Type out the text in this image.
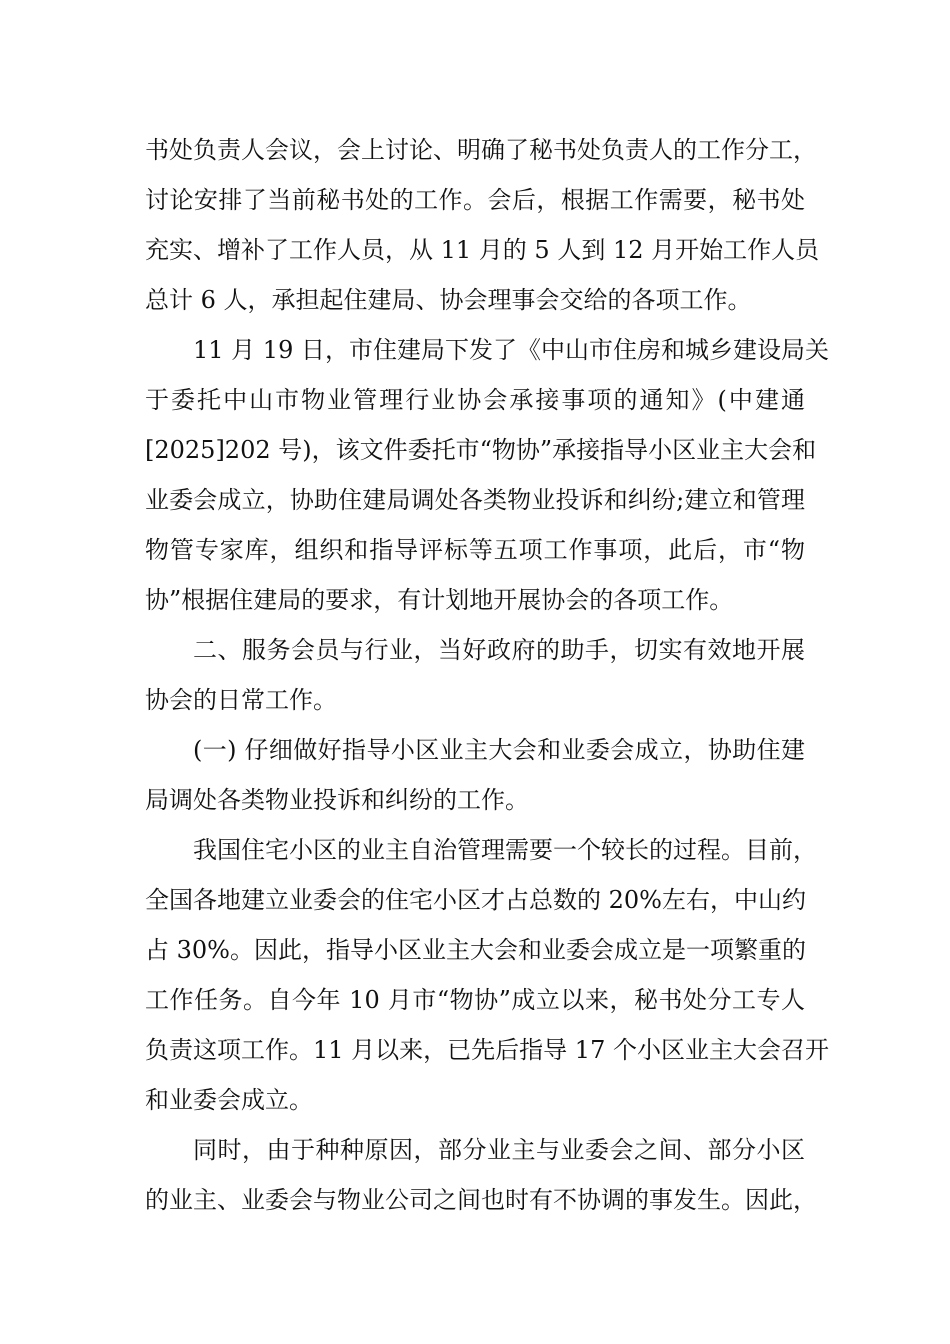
书处负责人会议，会上讨论、明确了秘书处负责人的工作分工，
讨论安排了当前秘书处的工作。会后，根据工作需要，秘书处
充实、增补了工作人员，从 11 月的 5 人到 12 月开始工作人员
总计 6 人，承担起住建局、协会理事会交给的各项工作。
11 月 19 日，市住建局下发了《中山市住房和城乡建设局关
于委托中山市物业管理行业协会承接事项的通知》(中建通
[2025]202 号)，该文件委托市“物协”承接指导小区业主大会和
业委会成立，协助住建局调处各类物业投诉和纠纷;建立和管理
物管专家库，组织和指导评标等五项工作事项，此后，市“物
协”根据住建局的要求，有计划地开展协会的各项工作。
二、服务会员与行业，当好政府的助手，切实有效地开展
协会的日常工作。
(一) 仔细做好指导小区业主大会和业委会成立，协助住建
局调处各类物业投诉和纠纷的工作。
我国住宅小区的业主自治管理需要一个较长的过程。目前，
全国各地建立业委会的住宅小区才占总数的 20%左右，中山约
占 30%。因此，指导小区业主大会和业委会成立是一项繁重的
工作任务。自今年 10 月市“物协”成立以来，秘书处分工专人
负责这项工作。11 月以来，已先后指导 17 个小区业主大会召开
和业委会成立。
同时，由于种种原因，部分业主与业委会之间、部分小区
的业主、业委会与物业公司之间也时有不协调的事发生。因此，
